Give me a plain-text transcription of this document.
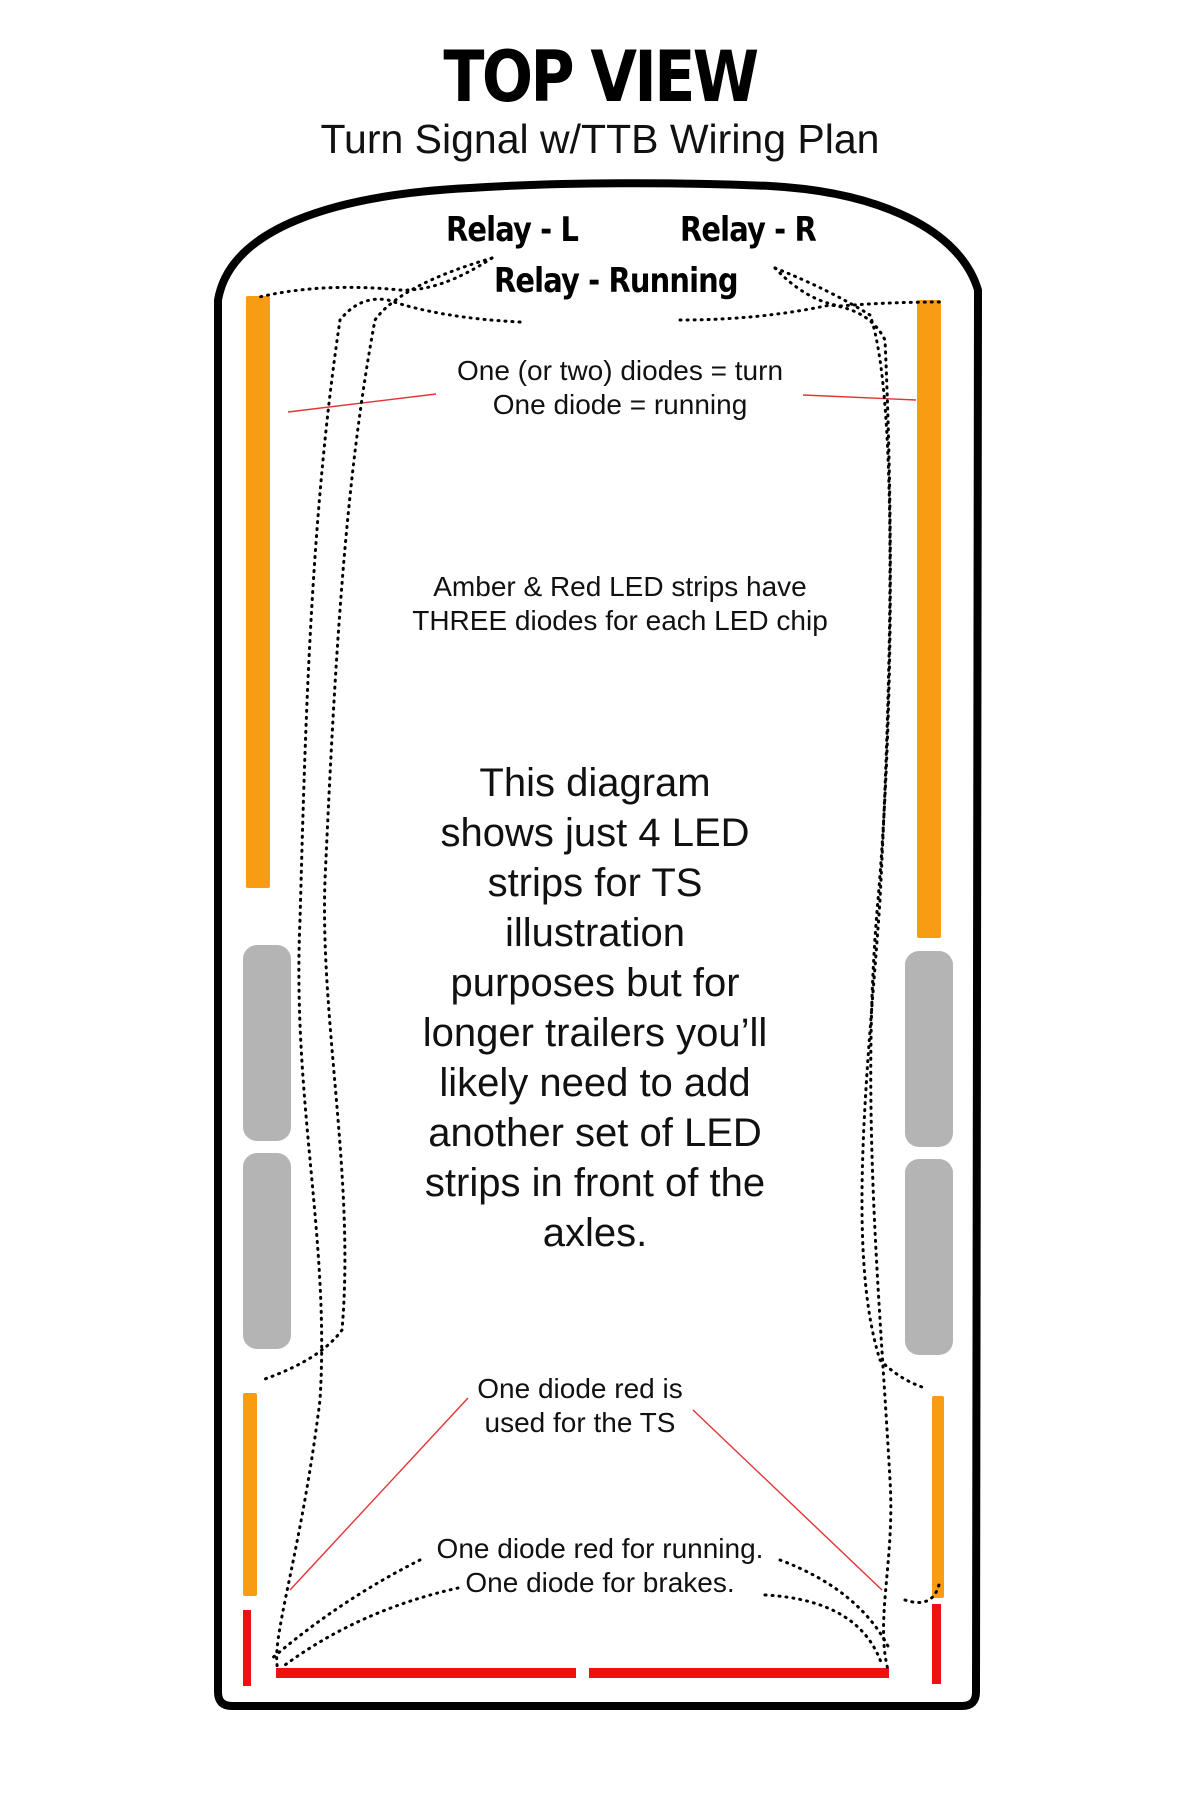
TOP VIEW
Turn Signal w/TTB Wiring Plan
Relay - L	Relay - R
Relay - Running
One (or two) diodes = turn
One diode = running
Amber & Red LED strips have
THREE diodes for each LED chip
This diagram
shows just 4 LED
strips for TS
illustration
purposes but for
longer trailers you’ll
likely need to add
another set of LED
strips in front of the
axles.
One diode red is
used for the TS
One diode red for running.
One diode for brakes.
